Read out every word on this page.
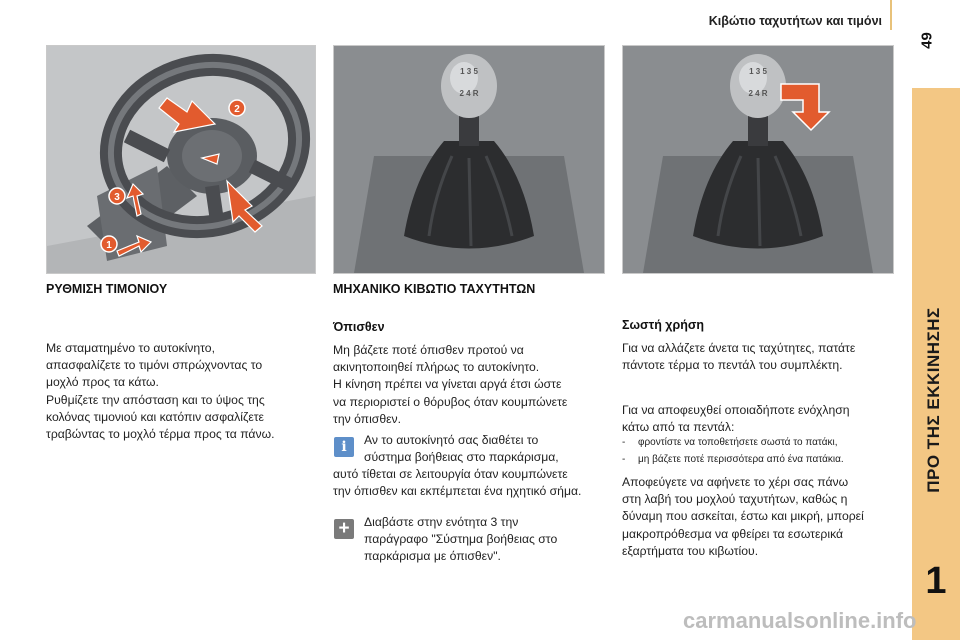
Κιβώτιο ταχυτήτων και τιμόνι
49
ΠΡΟ ΤΗΣ ΕΚΚΙΝΗΣΗΣ
1
2
3
1
1 3 5
2 4 R
1 3 5
2 4 R
ΡΥΘΜΙΣΗ ΤΙΜΟΝΙΟΥ	ΜΗΧΑΝΙΚΟ ΚΙΒΩΤΙΟ ΤΑΧΥΤΗΤΩΝ
Με σταματημένο το αυτοκίνητο,
απασφαλίζετε το τιμόνι σπρώχνοντας το
μοχλό προς τα κάτω.
Ρυθμίζετε την απόσταση και το ύψος της
κολόνας τιμονιού και κατόπιν ασφαλίζετε
τραβώντας το μοχλό τέρμα προς τα πάνω.
Όπισθεν
Μη βάζετε ποτέ όπισθεν προτού να
ακινητοποιηθεί πλήρως το αυτοκίνητο.
Η κίνηση πρέπει να γίνεται αργά έτσι ώστε
να περιοριστεί ο θόρυβος όταν κουμπώνετε
την όπισθεν.
i	Αν το αυτοκίνητό σας διαθέτει το
σύστημα βοήθειας στο παρκάρισμα,
αυτό τίθεται σε λειτουργία όταν κουμπώνετε
την όπισθεν και εκπέμπεται ένα ηχητικό σήμα.
+	Διαβάστε στην ενότητα 3 την
παράγραφο "Σύστημα βοήθειας στο
παρκάρισμα με όπισθεν".
Σωστή χρήση
Για να αλλάζετε άνετα τις ταχύτητες, πατάτε
πάντοτε τέρμα το πεντάλ του συμπλέκτη.
Για να αποφευχθεί οποιαδήποτε ενόχληση
κάτω από τα πεντάλ:
- φροντίστε να τοποθετήσετε σωστά το πατάκι,
- μη βάζετε ποτέ περισσότερα από ένα πατάκια.
Αποφεύγετε να αφήνετε το χέρι σας πάνω
στη λαβή του μοχλού ταχυτήτων, καθώς η
δύναμη που ασκείται, έστω και μικρή, μπορεί
μακροπρόθεσμα να φθείρει τα εσωτερικά
εξαρτήματα του κιβωτίου.
carmanualsonline.info
